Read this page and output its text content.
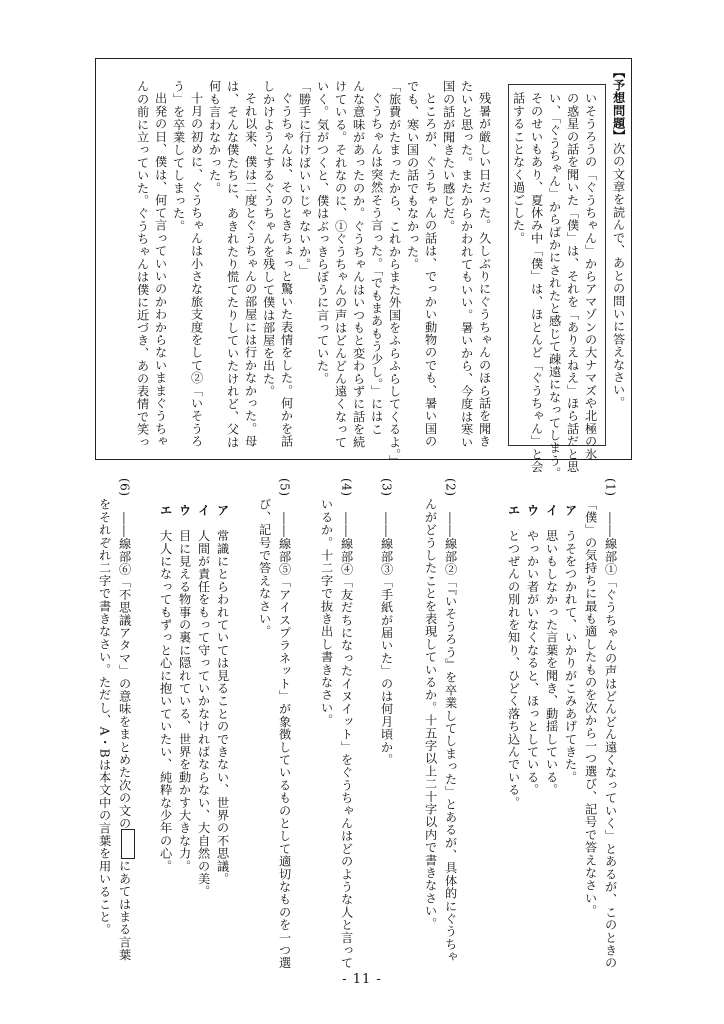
【予想問題】次の文章を読んで、あとの問いに答えなさい。
いそうろうの「ぐうちゃん」からアマゾンの大ナマズや北極の氷
の惑星の話を聞いた「僕」は、それを「ありえねえ」ほら話だと思
い、「ぐうちゃん」からばかにされたと感じて疎遠になってしまう。
そのせいもあり、夏休み中「僕」は、ほとんど「ぐうちゃん」と会
話することなく過ごした。
残暑が厳しい日だった。久しぶりにぐうちゃんのほら話を聞き
たいと思った。またからかわれてもいい。暑いから、今度は寒い
国の話が聞きたい感じだ。
ところが、ぐうちゃんの話は、でっかい動物のでも、暑い国の
でも、寒い国の話でもなかった。
「旅費がたまったから、これからまた外国をふらふらしてくるよ。」
ぐうちゃんは突然そう言った。「でもまあもう少し。」にはこ
んな意味があったのか。ぐうちゃんはいつもと変わらずに話を続
けている。それなのに、①ぐうちゃんの声はどんどん遠くなって
いく。気がつくと、僕はぶっきらぼうに言っていた。
「勝手に行けばいいじゃないか。」
ぐうちゃんは、そのときちょっと驚いた表情をした。何かを話
しかけようとするぐうちゃんを残して僕は部屋を出た。
それ以来、僕は二度とぐうちゃんの部屋には行かなかった。母
は、そんな僕たちに、あきれたり慌てたりしていたけれど、父は
何も言わなかった。
十月の初めに、ぐうちゃんは小さな旅支度をして②「いそうろ
う」を卒業してしまった。
出発の日、僕は、何て言っていいのかわからないままぐうちゃ
んの前に立っていた。ぐうちゃんは僕に近づき、あの表情で笑っ
(1)
――線部①「ぐうちゃんの声はどんどん遠くなっていく」とあるが、このときの
「僕」の気持ちに最も適したものを次から一つ選び、記号で答えなさい。
ア　うそをつかれて、いかりがこみあげてきた。
イ　思いもしなかった言葉を聞き、動揺している。
ウ　やっかい者がいなくなると、ほっとしている。
エ　とつぜんの別れを知り、ひどく落ち込んでいる。
(2)
――線部②「『いそうろう』を卒業してしまった」とあるが、具体的にぐうちゃ
んがどうしたことを表現しているか。十五字以上二十字以内で書きなさい。
(3)
――線部③「手紙が届いた」のは何月頃か。
(4)
――線部④「友だちになったイヌイット」をぐうちゃんはどのような人と言って
いるか。十二字で抜き出し書きなさい。
(5)
――線部⑤「アイスプラネット」が象徴しているものとして適切なものを一つ選
び、記号で答えなさい。
ア　常識にとらわれていては見ることのできない、世界の不思議。
イ　人間が責任をもって守っていかなければならない、大自然の美。
ウ　目に見える物事の裏に隠れている、世界を動かす大きな力。
エ　大人になってもずっと心に抱いていたい、純粋な少年の心。
(6)
――線部⑥「不思議アタマ」の意味をまとめた次の文のにあてはまる言葉
をそれぞれ二字で書きなさい。ただし、A・Bは本文中の言葉を用いること。
- 11 -
